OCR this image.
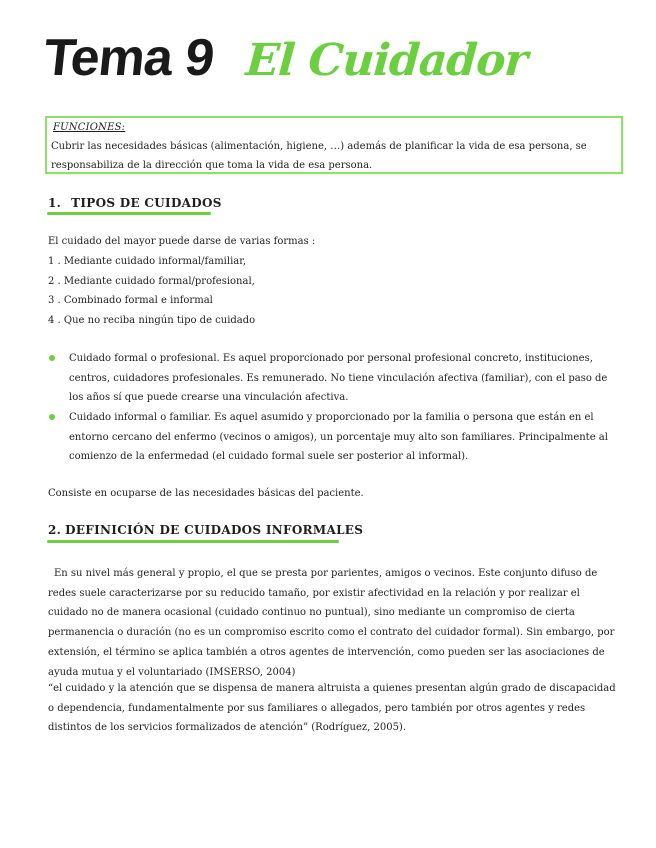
Tema 9 El Cuidador
FUNCIONES:
Cubrir las necesidades básicas (alimentación, higiene, …) además de planificar la vida de esa persona, se responsabiliza de la dirección que toma la vida de esa persona.
1. TIPOS DE CUIDADOS
El cuidado del mayor puede darse de varias formas :
1 . Mediante cuidado informal/familiar,
2 . Mediante cuidado formal/profesional,
3 . Combinado formal e informal
4 . Que no reciba ningún tipo de cuidado
Cuidado formal o profesional. Es aquel proporcionado por personal profesional concreto, instituciones, centros, cuidadores profesionales. Es remunerado. No tiene vinculación afectiva (familiar), con el paso de los años sí que puede crearse una vinculación afectiva.
Cuidado informal o familiar. Es aquel asumido y proporcionado por la familia o persona que están en el entorno cercano del enfermo (vecinos o amigos), un porcentaje muy alto son familiares. Principalmente al comienzo de la enfermedad (el cuidado formal suele ser posterior al informal).
Consiste en ocuparse de las necesidades básicas del paciente.
2. DEFINICIÓN DE CUIDADOS INFORMALES
En su nivel más general y propio, el que se presta por parientes, amigos o vecinos. Este conjunto difuso de redes suele caracterizarse por su reducido tamaño, por existir afectividad en la relación y por realizar el cuidado no de manera ocasional (cuidado continuo no puntual), sino mediante un compromiso de cierta permanencia o duración (no es un compromiso escrito como el contrato del cuidador formal). Sin embargo, por extensión, el término se aplica también a otros agentes de intervención, como pueden ser las asociaciones de ayuda mutua y el voluntariado (IMSERSO, 2004)
“el cuidado y la atención que se dispensa de manera altruista a quienes presentan algún grado de discapacidad o dependencia, fundamentalmente por sus familiares o allegados, pero también por otros agentes y redes distintos de los servicios formalizados de atención” (Rodríguez, 2005).
